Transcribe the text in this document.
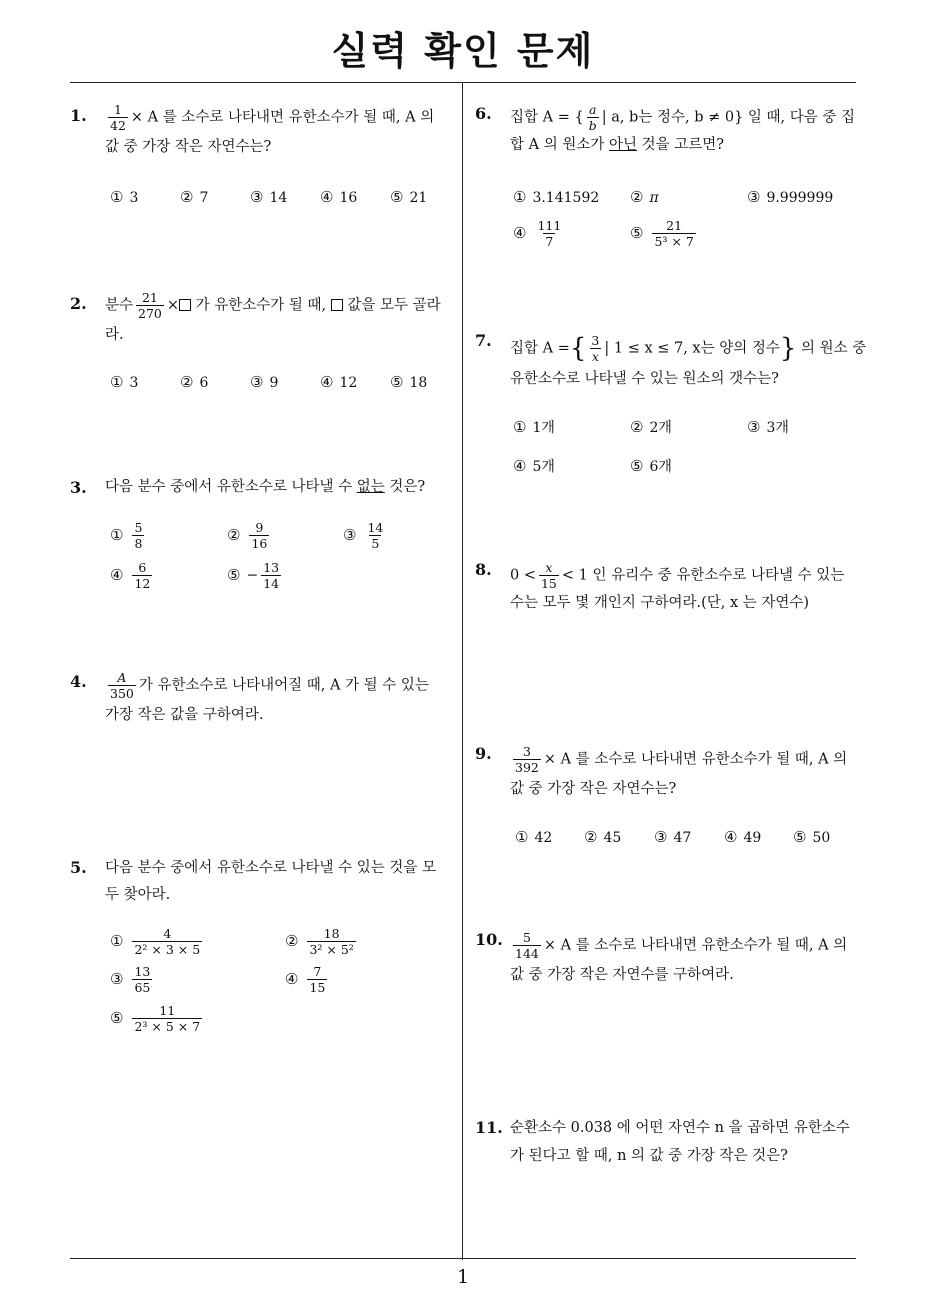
실력 확인 문제
1
1. $\frac{1}{42} \times A$ 를 소수로 나타내면 유한소수가 될 때, A 의
값 중 가장 작은 자연수는?
① 3	② 7	③ 14 ④ 16 ⑤ 21
2. 분수 $\frac{21}{270}$ × 가 유한소수가 될 때, 값을 모두 골라
라.
① 3	② 6	③ 9	④ 12 ⑤ 18
3. 다음 분수 중에서 유한소수로 나타낼 수 없는 것은?
① $\frac{5}{8}$	② $\frac{9}{16}$	③ $\frac{14}{5}$
④ $\frac{6}{12}$	⑤ − $\frac{13}{14}$
4. $\frac{A}{350}$ 가 유한소수로 나타내어질 때, A 가 될 수 있는
가장 작은 값을 구하여라.
5. 다음 분수 중에서 유한소수로 나타낼 수 있는 것을 모
두 찾아라.
① $\frac{4}{\text{2² × 3 × 5}}$	② $\frac{18}{\text{3² × 5²}}$
③ $\frac{13}{65}$	④ $\frac{7}{15}$
⑤ $\frac{11}{\text{2³ × 5 × 7}}$
6. 집합 A = { $\frac{a}{b}$ | a, b는 정수, b ≠ 0} 일 때, 다음 중 집
합 A 의 원소가 아닌 것을 고르면?
① 3.141592 ② π	③ 9.999999
④ $\frac{111}{7}$	⑤ $\frac{21}{\text{5³ × 7}}$
7. 집합 A ={ $\frac{3}{x}$ | 1 ≤ x ≤ 7, x는 양의 정수} 의 원소 중
유한소수로 나타낼 수 있는 원소의 갯수는?
① 1개	② 2개	③ 3개
④ 5개	⑤ 6개
8. $0 < \frac{x}{15} < 1$ 인 유리수 중 유한소수로 나타낼 수 있는
수는 모두 몇 개인지 구하여라.(단, x 는 자연수)
9. $\frac{3}{392} \times A$ 를 소수로 나타내면 유한소수가 될 때, A 의
값 중 가장 작은 자연수는?
① 42 ② 45 ③ 47 ④ 49 ⑤ 50
10. $\frac{5}{144} \times A$ 를 소수로 나타내면 유한소수가 될 때, A 의
값 중 가장 작은 자연수를 구하여라.
11. 순환소수 0.038̇ 에 어떤 자연수 n 을 곱하면 유한소수
가 된다고 할 때, n 의 값 중 가장 작은 것은?
